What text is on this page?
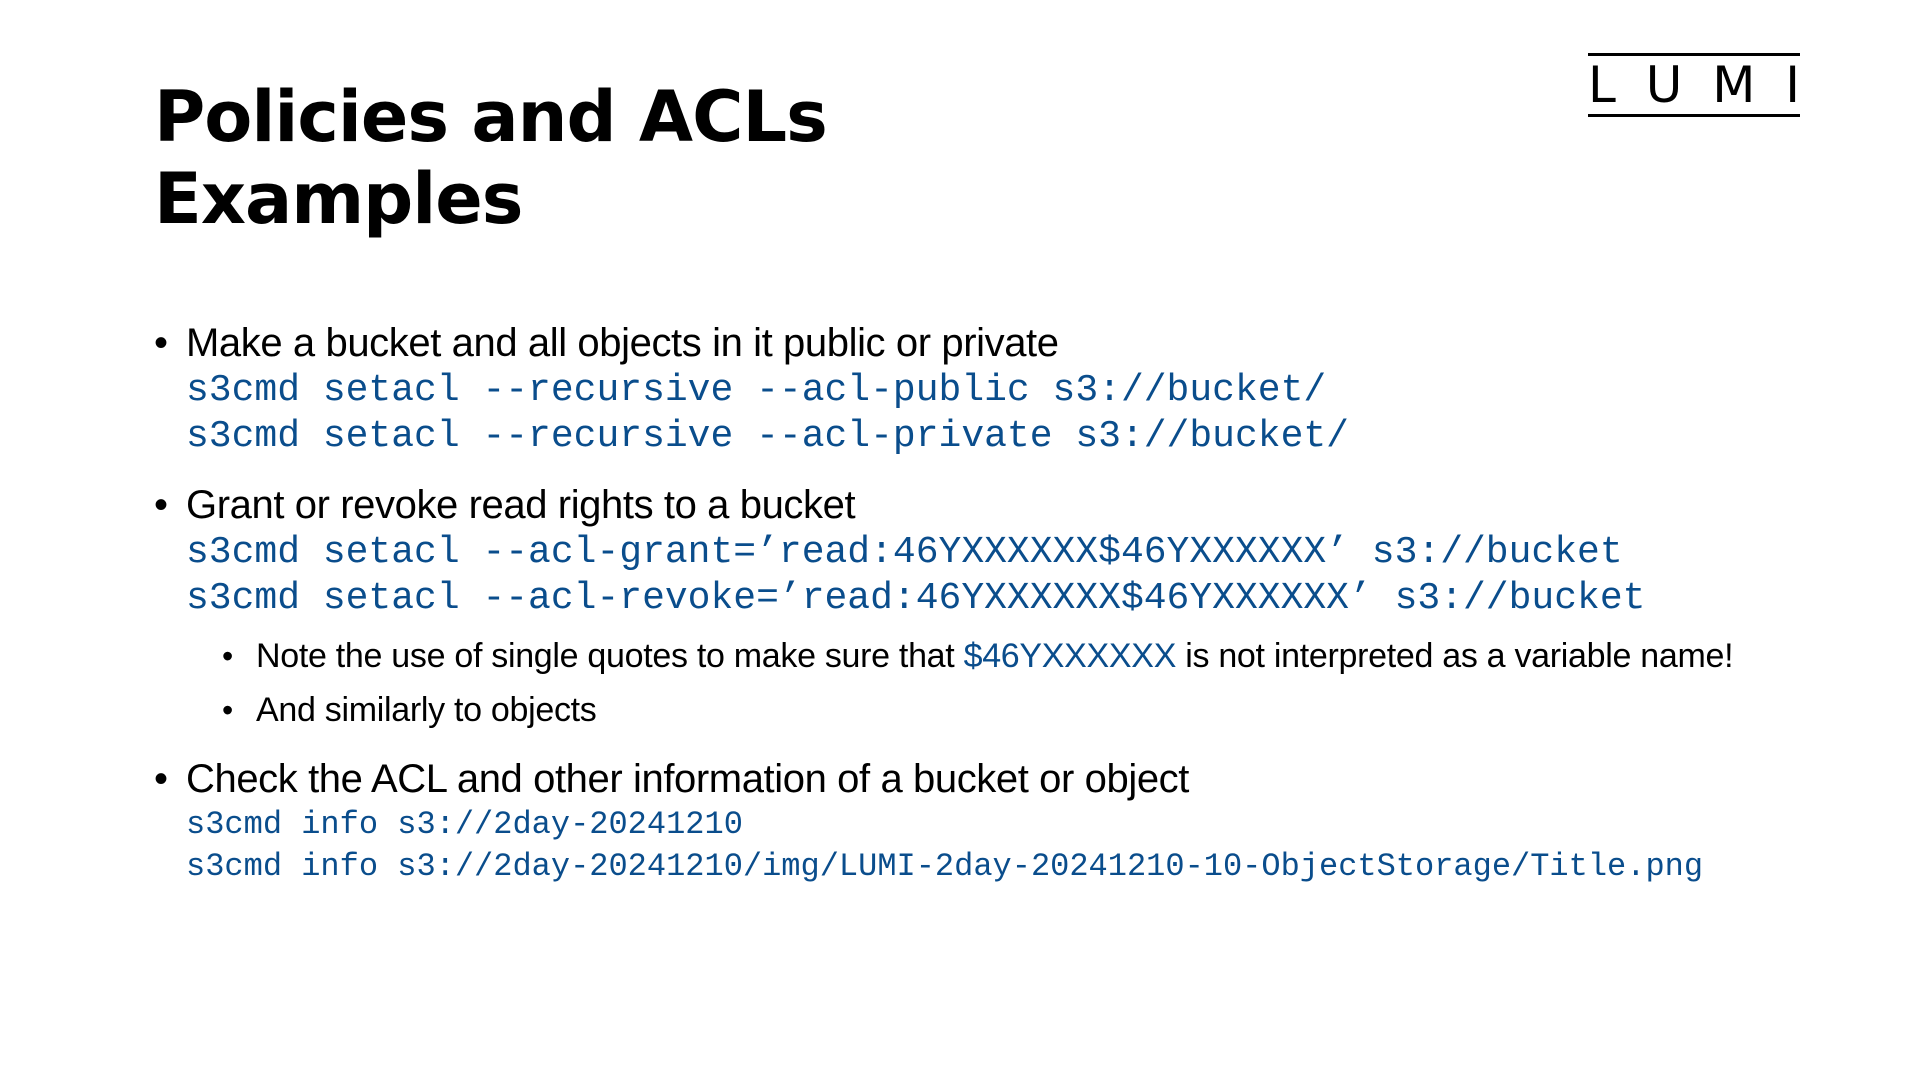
Policies and ACLs
Examples
L U M I
• Make a bucket and all objects in it public or private
s3cmd setacl --recursive --acl-public s3://bucket/
s3cmd setacl --recursive --acl-private s3://bucket/
• Grant or revoke read rights to a bucket
s3cmd setacl --acl-grant=’read:46YXXXXXX$46YXXXXXX’ s3://bucket
s3cmd setacl --acl-revoke=’read:46YXXXXXX$46YXXXXXX’ s3://bucket
• Note the use of single quotes to make sure that $46YXXXXXX is not interpreted as a variable name!
• And similarly to objects
• Check the ACL and other information of a bucket or object
s3cmd info s3://2day-20241210
s3cmd info s3://2day-20241210/img/LUMI-2day-20241210-10-ObjectStorage/Title.png
